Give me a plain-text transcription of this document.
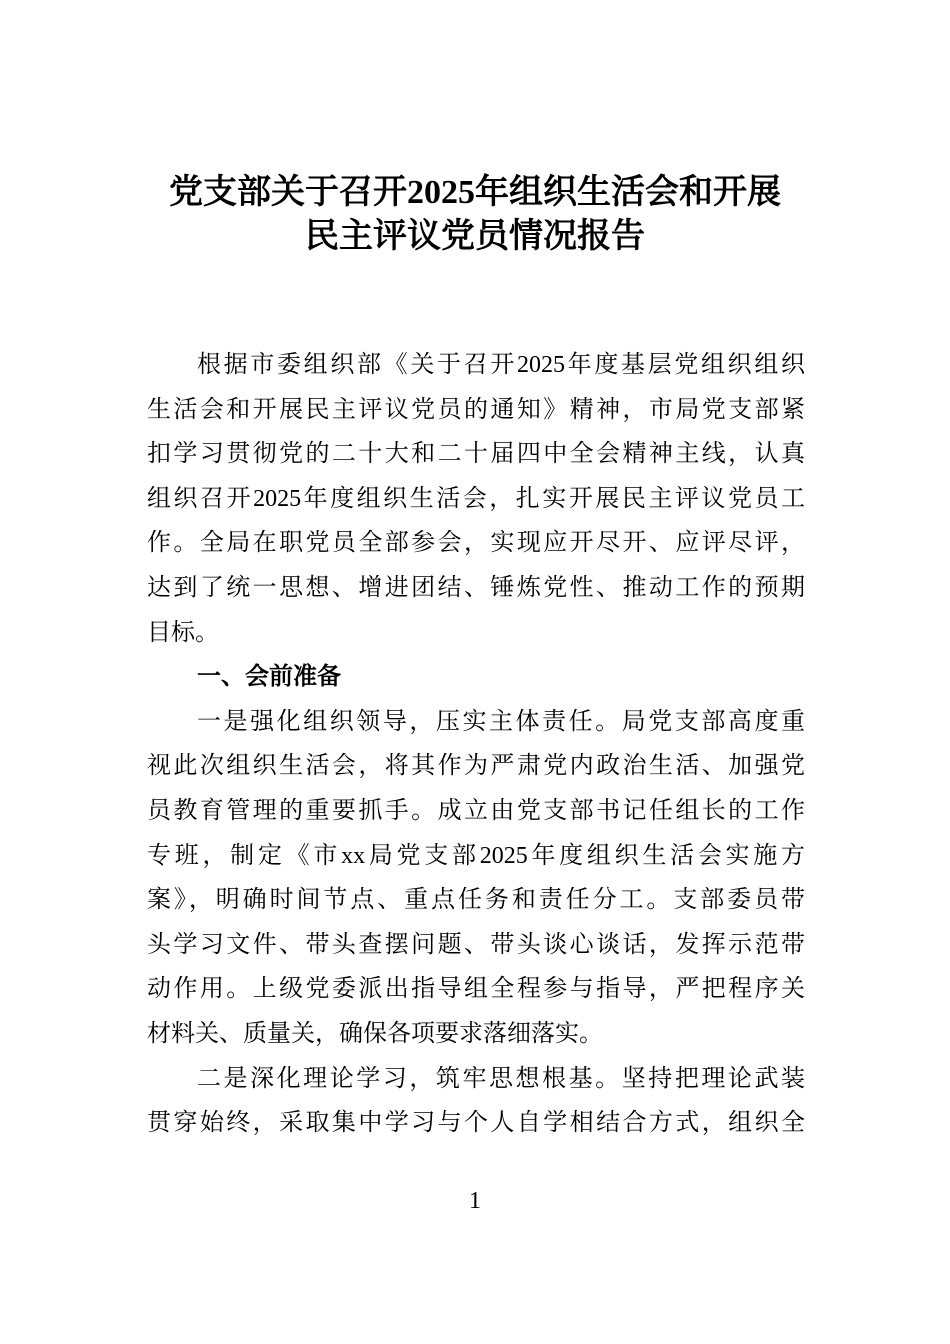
党支部关于召开2025年组织生活会和开展
民主评议党员情况报告
根据市委组织部《关于召开2025年度基层党组织组织
生活会和开展民主评议党员的通知》精神，市局党支部紧
扣学习贯彻党的二十大和二十届四中全会精神主线，认真
组织召开2025年度组织生活会，扎实开展民主评议党员工
作。全局在职党员全部参会，实现应开尽开、应评尽评，
达到了统一思想、增进团结、锤炼党性、推动工作的预期
目标。
一、会前准备
一是强化组织领导，压实主体责任。局党支部高度重
视此次组织生活会，将其作为严肃党内政治生活、加强党
员教育管理的重要抓手。成立由党支部书记任组长的工作
专班，制定《市xx局党支部2025年度组织生活会实施方
案》，明确时间节点、重点任务和责任分工。支部委员带
头学习文件、带头查摆问题、带头谈心谈话，发挥示范带
动作用。上级党委派出指导组全程参与指导，严把程序关
材料关、质量关，确保各项要求落细落实。
二是深化理论学习，筑牢思想根基。坚持把理论武装
贯穿始终，采取集中学习与个人自学相结合方式，组织全
1
